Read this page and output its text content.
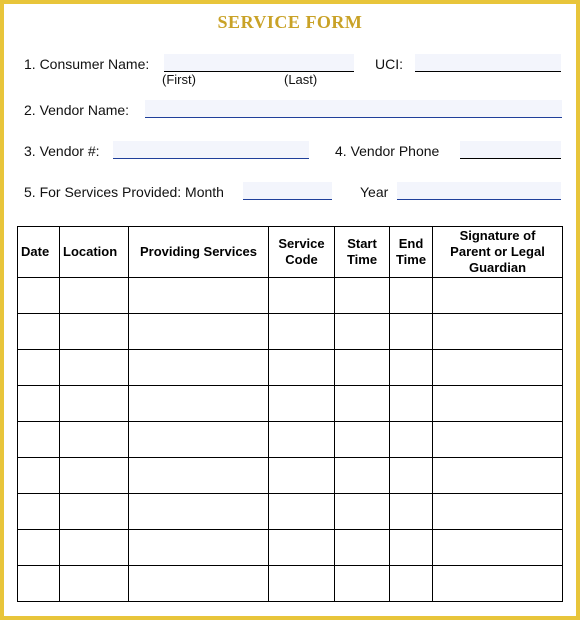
SERVICE FORM
1. Consumer Name:
(First)	(Last)
UCI:
2. Vendor Name:
3. Vendor #:	4. Vendor Phone
5. For Services Provided: Month	Year
Date	Location	Providing Services	Service Code	Start Time	End Time	Signature of Parent or Legal Guardian
